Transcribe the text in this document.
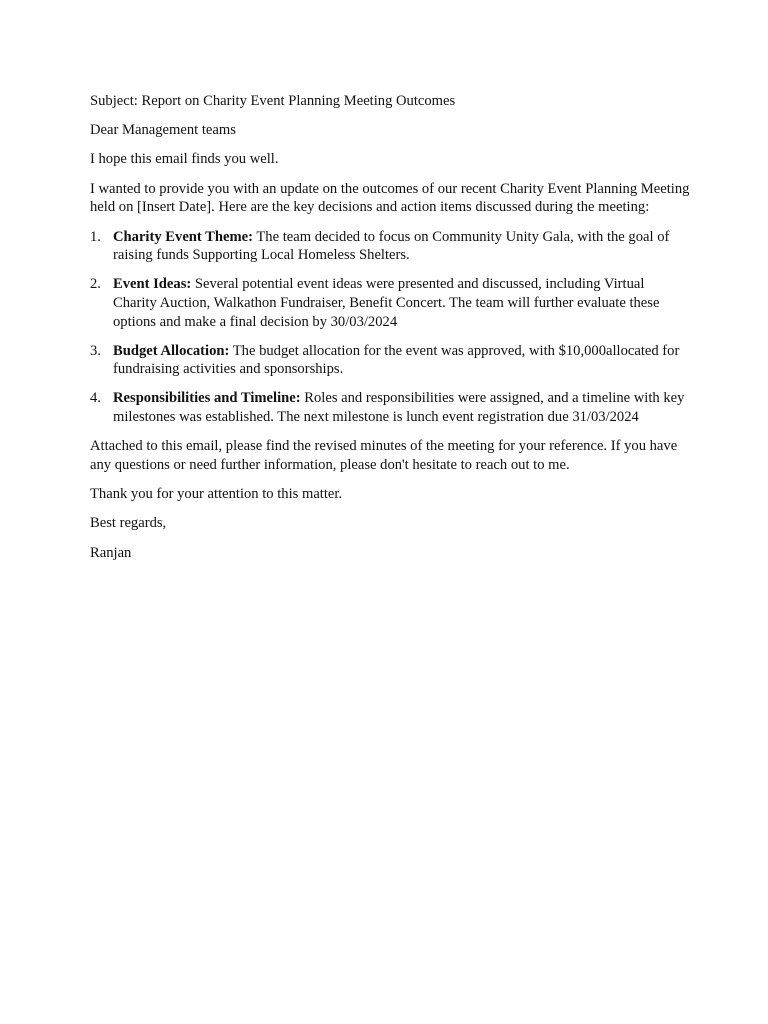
Subject: Report on Charity Event Planning Meeting Outcomes

Dear Management teams

I hope this email finds you well.

I wanted to provide you with an update on the outcomes of our recent Charity Event Planning Meeting held on [Insert Date]. Here are the key decisions and action items discussed during the meeting:

1. Charity Event Theme: The team decided to focus on Community Unity Gala, with the goal of raising funds Supporting Local Homeless Shelters.
2. Event Ideas: Several potential event ideas were presented and discussed, including Virtual Charity Auction, Walkathon Fundraiser, Benefit Concert. The team will further evaluate these options and make a final decision by 30/03/2024
3. Budget Allocation: The budget allocation for the event was approved, with $10,000allocated for fundraising activities and sponsorships.
4. Responsibilities and Timeline: Roles and responsibilities were assigned, and a timeline with key milestones was established. The next milestone is lunch event registration due 31/03/2024

Attached to this email, please find the revised minutes of the meeting for your reference. If you have any questions or need further information, please don't hesitate to reach out to me.

Thank you for your attention to this matter.

Best regards,

Ranjan
